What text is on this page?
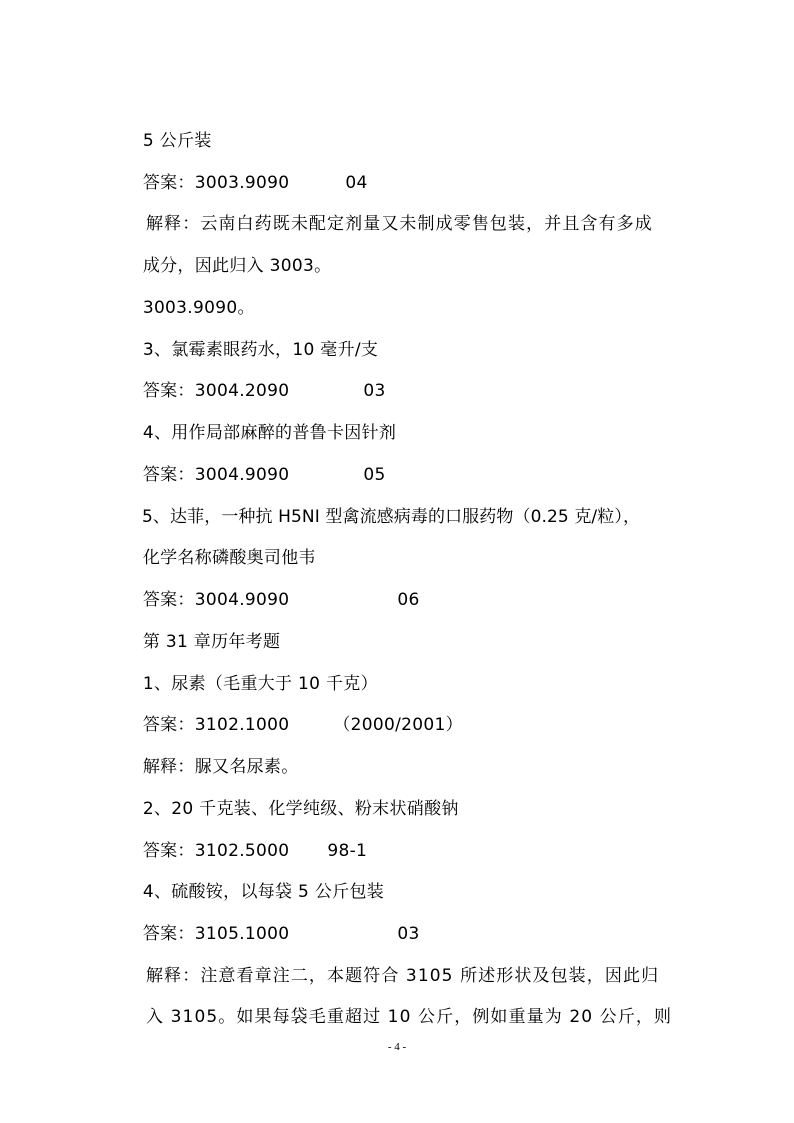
5 公斤装

答案：3003.9090	04

解释：云南白药既未配定剂量又未制成零售包装，并且含有多成

成分，因此归入 3003。

3003.9090。

3、氯霉素眼药水，10 毫升/支

答案：3004.2090	03

4、用作局部麻醉的普鲁卡因针剂

答案：3004.9090	05

5、达菲，一种抗 H5NI 型禽流感病毒的口服药物（0.25 克/粒），

化学名称磷酸奥司他韦

答案：3004.9090	06

第 31 章历年考题

1、尿素（毛重大于 10 千克）

答案：3102.1000	（2000/2001）

解释：脲又名尿素。

2、20 千克装、化学纯级、粉末状硝酸钠

答案：3102.5000 98-1

4、硫酸铵，以每袋 5 公斤包装

答案：3105.1000	03

解释：注意看章注二，本题符合 3105 所述形状及包装，因此归

入 3105。如果每袋毛重超过 10 公斤，例如重量为 20 公斤，则

- 4 -
